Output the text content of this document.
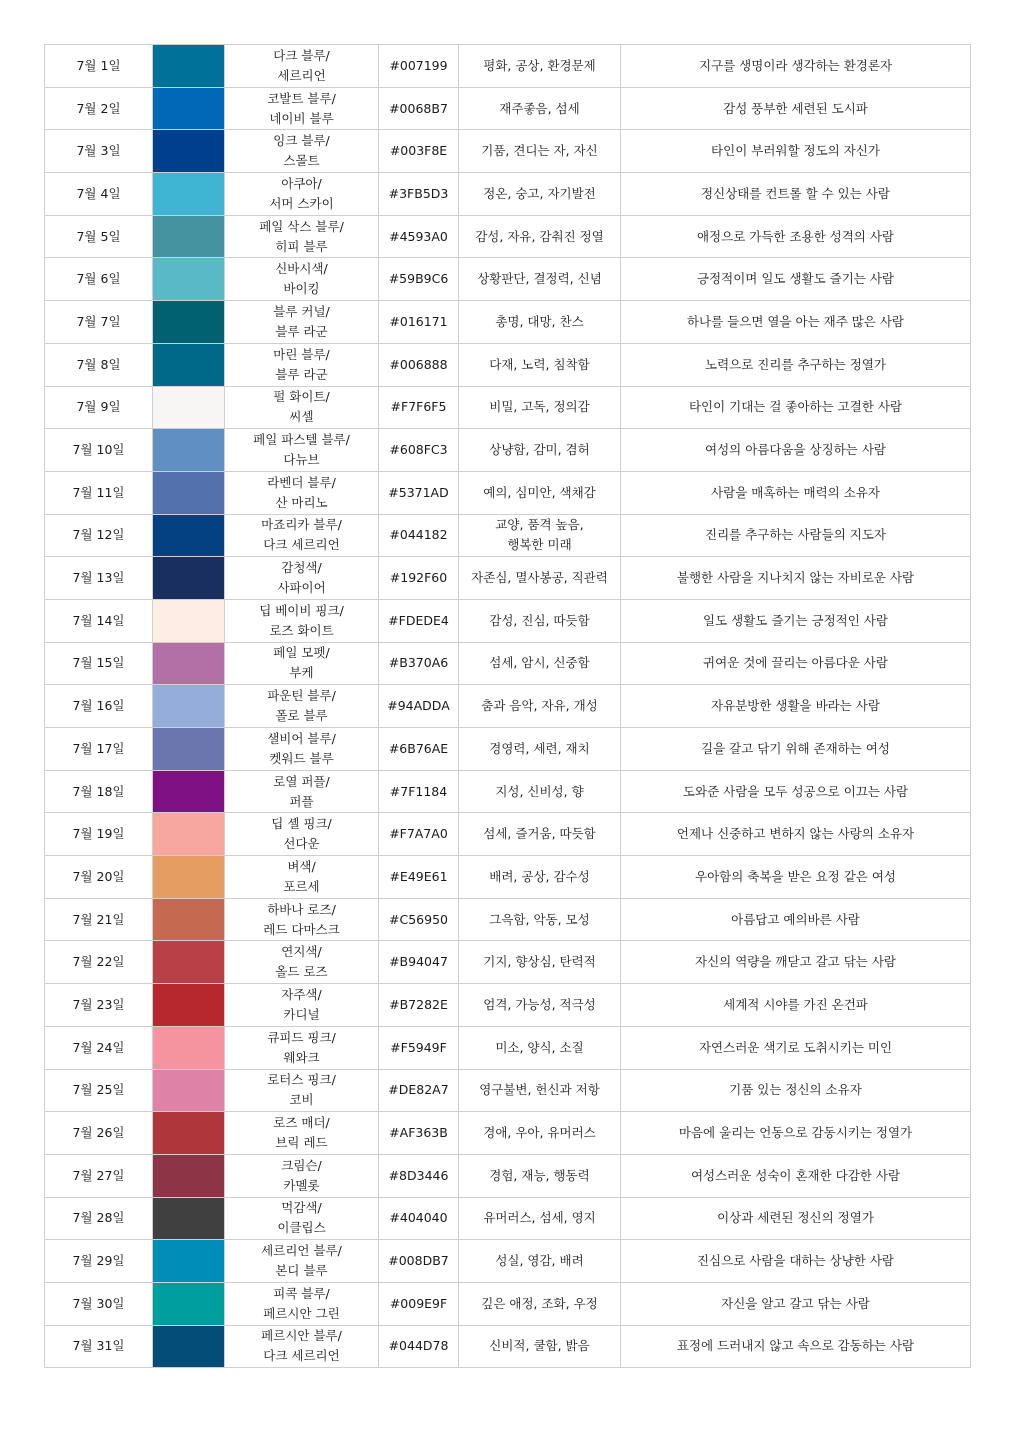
7월 1일		다크 블루/
세르리언	#007199	평화, 공상, 환경문제	지구를 생명이라 생각하는 환경론자
7월 2일		코발트 블루/
네이비 블루	#0068B7	재주좋음, 섬세	감성 풍부한 세련된 도시파
7월 3일		잉크 블루/
스몰트	#003F8E	기품, 견디는 자, 자신	타인이 부러워할 정도의 자신가
7월 4일		아쿠아/
서머 스카이	#3FB5D3	정온, 숭고, 자기발전	정신상태를 컨트롤 할 수 있는 사람
7월 5일		페일 삭스 블루/
히피 블루	#4593A0	감성, 자유, 감춰진 정열	애정으로 가득한 조용한 성격의 사람
7월 6일		신바시색/
바이킹	#59B9C6	상황판단, 결정력, 신념	긍정적이며 일도 생활도 즐기는 사람
7월 7일		블루 커널/
블루 라군	#016171	총명, 대망, 찬스	하나를 들으면 열을 아는 재주 많은 사람
7월 8일		마린 블루/
블루 라군	#006888	다재, 노력, 침착함	노력으로 진리를 추구하는 정열가
7월 9일		펄 화이트/
씨셀	#F7F6F5	비밀, 고독, 정의감	타인이 기대는 걸 좋아하는 고결한 사람
7월 10일		페일 파스텔 블루/
다뉴브	#608FC3	상냥함, 감미, 겸허	여성의 아름다움을 상징하는 사람
7월 11일		라벤더 블루/
산 마리노	#5371AD	예의, 심미안, 색채감	사람을 매혹하는 매력의 소유자
7월 12일		마죠리카 블루/
다크 세르리언	#044182	교양, 품격 높음,
행복한 미래	진리를 추구하는 사람들의 지도자
7월 13일		감청색/
사파이어	#192F60	자존심, 멸사봉공, 직관력	불행한 사람을 지나치지 않는 자비로운 사람
7월 14일		딥 베이비 핑크/
로즈 화이트	#FDEDE4	감성, 진심, 따듯함	일도 생활도 즐기는 긍정적인 사람
7월 15일		페일 모펫/
부케	#B370A6	섬세, 암시, 신중함	귀여운 것에 끌리는 아름다운 사람
7월 16일		파운틴 블루/
폴로 블루	#94ADDA	춤과 음악, 자유, 개성	자유분방한 생활을 바라는 사람
7월 17일		샐비어 블루/
켓워드 블루	#6B76AE	경영력, 세련, 재치	길을 갈고 닦기 위해 존재하는 여성
7월 18일		로열 퍼플/
퍼플	#7F1184	지성, 신비성, 향	도와준 사람을 모두 성공으로 이끄는 사람
7월 19일		딥 셸 핑크/
선다운	#F7A7A0	섬세, 즐거움, 따듯함	언제나 신중하고 변하지 않는 사랑의 소유자
7월 20일		벼색/
포르세	#E49E61	배려, 공상, 감수성	우아함의 축복을 받은 요정 같은 여성
7월 21일		하바나 로즈/
레드 다마스크	#C56950	그윽함, 악동, 모성	아름답고 예의바른 사람
7월 22일		연지색/
올드 로즈	#B94047	기지, 향상심, 탄력적	자신의 역량을 깨닫고 갈고 닦는 사람
7월 23일		자주색/
카디널	#B7282E	엄격, 가능성, 적극성	세계적 시야를 가진 온건파
7월 24일		큐피드 핑크/
웨와크	#F5949F	미소, 양식, 소질	자연스러운 색기로 도취시키는 미인
7월 25일		로터스 핑크/
코비	#DE82A7	영구불변, 헌신과 저항	기품 있는 정신의 소유자
7월 26일		로즈 매더/
브릭 레드	#AF363B	경애, 우아, 유머러스	마음에 울리는 언동으로 감동시키는 정열가
7월 27일		크림슨/
카멜롯	#8D3446	경험, 재능, 행동력	여성스러운 성숙이 혼재한 다감한 사람
7월 28일		먹감색/
이클립스	#404040	유머러스, 섬세, 영지	이상과 세련된 정신의 정열가
7월 29일		세르리언 블루/
본디 블루	#008DB7	성실, 영감, 배려	진심으로 사람을 대하는 상냥한 사람
7월 30일		피콕 블루/
페르시안 그린	#009E9F	깊은 애정, 조화, 우정	자신을 알고 갈고 닦는 사람
7월 31일		페르시안 블루/
다크 세르리언	#044D78	신비적, 쿨함, 밝음	표정에 드러내지 않고 속으로 감동하는 사람
